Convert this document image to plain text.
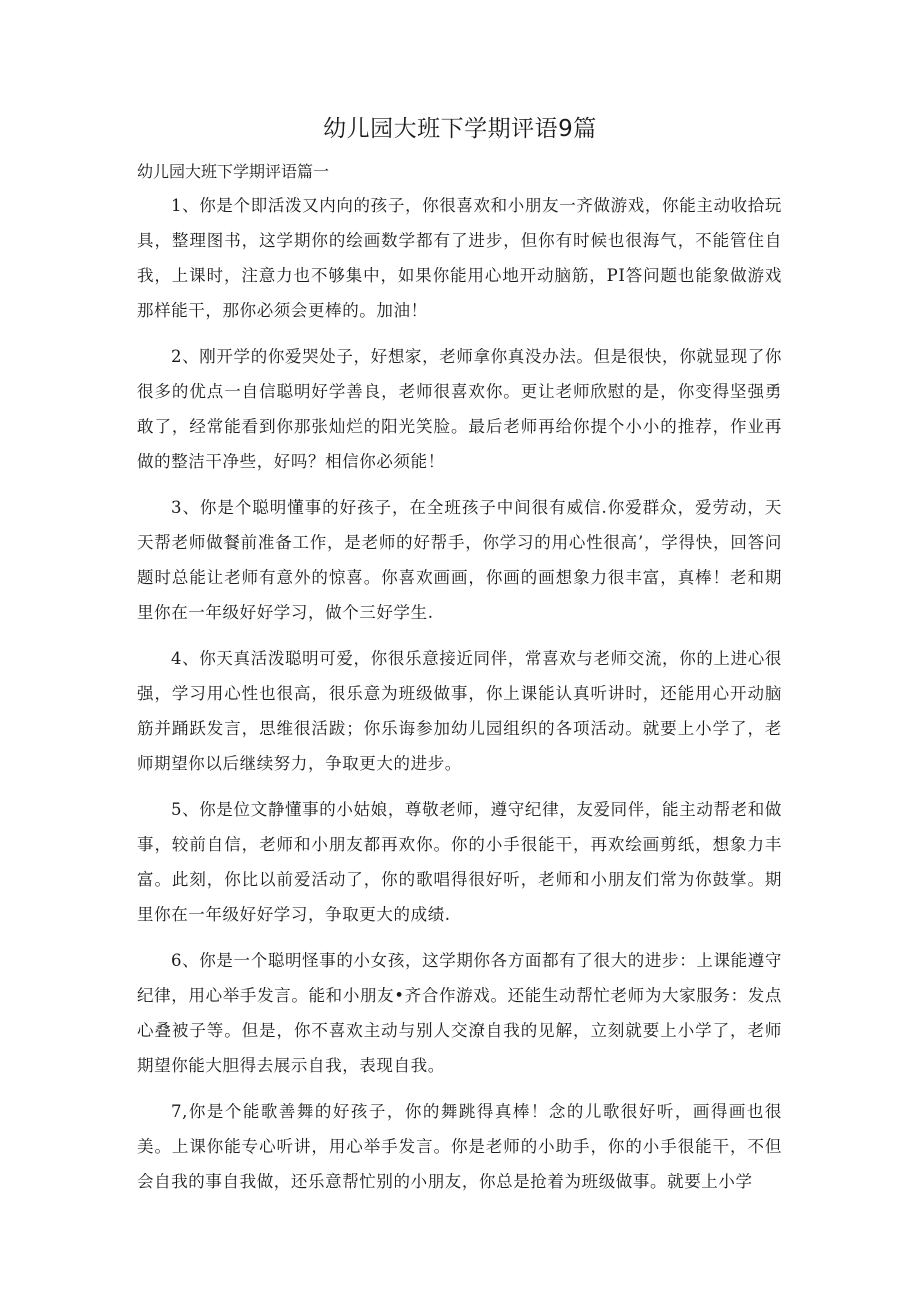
幼儿园大班下学期评语9篇

幼儿园大班下学期评语篇一

1、你是个即活泼又内向的孩子，你很喜欢和小朋友一齐做游戏，你能主动收拾玩具，整理图书，这学期你的绘画数学都有了进步，但你有时候也很海气，不能管住自我，上课时，注意力也不够集中，如果你能用心地开动脑筋，PI答问题也能象做游戏那样能干，那你必须会更棒的。加油！

2、刚开学的你爱哭处子，好想家，老师拿你真没办法。但是很快，你就显现了你很多的优点一自信聪明好学善良，老师很喜欢你。更让老师欣慰的是，你变得坚强勇敢了，经常能看到你那张灿烂的阳光笑脸。最后老师再给你提个小小的推荐，作业再做的整洁干净些，好吗？相信你必须能！

3、你是个聪明懂事的好孩子，在全班孩子中间很有威信.你爱群众，爱劳动，天天帮老师做餐前准备工作，是老师的好帮手，你学习的用心性很高’，学得快，回答问题时总能让老师有意外的惊喜。你喜欢画画，你画的画想象力很丰富，真棒！老和期里你在一年级好好学习，做个三好学生.

4、你天真活泼聪明可爱，你很乐意接近同伴，常喜欢与老师交流，你的上进心很强，学习用心性也很高，很乐意为班级做事，你上课能认真听讲时，还能用心开动脑筋并踊跃发言，思维很活跋；你乐诲参加幼儿园组织的各项活动。就要上小学了，老师期望你以后继续努力，争取更大的进步。

5、你是位文静懂事的小姑娘，尊敬老师，遵守纪律，友爱同伴，能主动帮老和做事，较前自信，老师和小朋友都再欢你。你的小手很能干，再欢绘画剪纸，想象力丰富。此刻，你比以前爱活动了，你的歌唱得很好听，老师和小朋友们常为你鼓掌。期里你在一年级好好学习，争取更大的成绩.

6、你是一个聪明怪事的小女孩，这学期你各方面都有了很大的进步：上课能遵守纪律，用心举手发言。能和小朋友•齐合作游戏。还能生动帮忙老师为大家服务：发点心叠被子等。但是，你不喜欢主动与别人交潦自我的见解，立刻就要上小学了，老师期望你能大胆得去展示自我，表现自我。

7,你是个能歌善舞的好孩子，你的舞跳得真棒！念的儿歌很好听，画得画也很美。上课你能专心听讲，用心举手发言。你是老师的小助手，你的小手很能干，不但会自我的事自我做，还乐意帮忙别的小朋友，你总是抢着为班级做事。就要上小学
